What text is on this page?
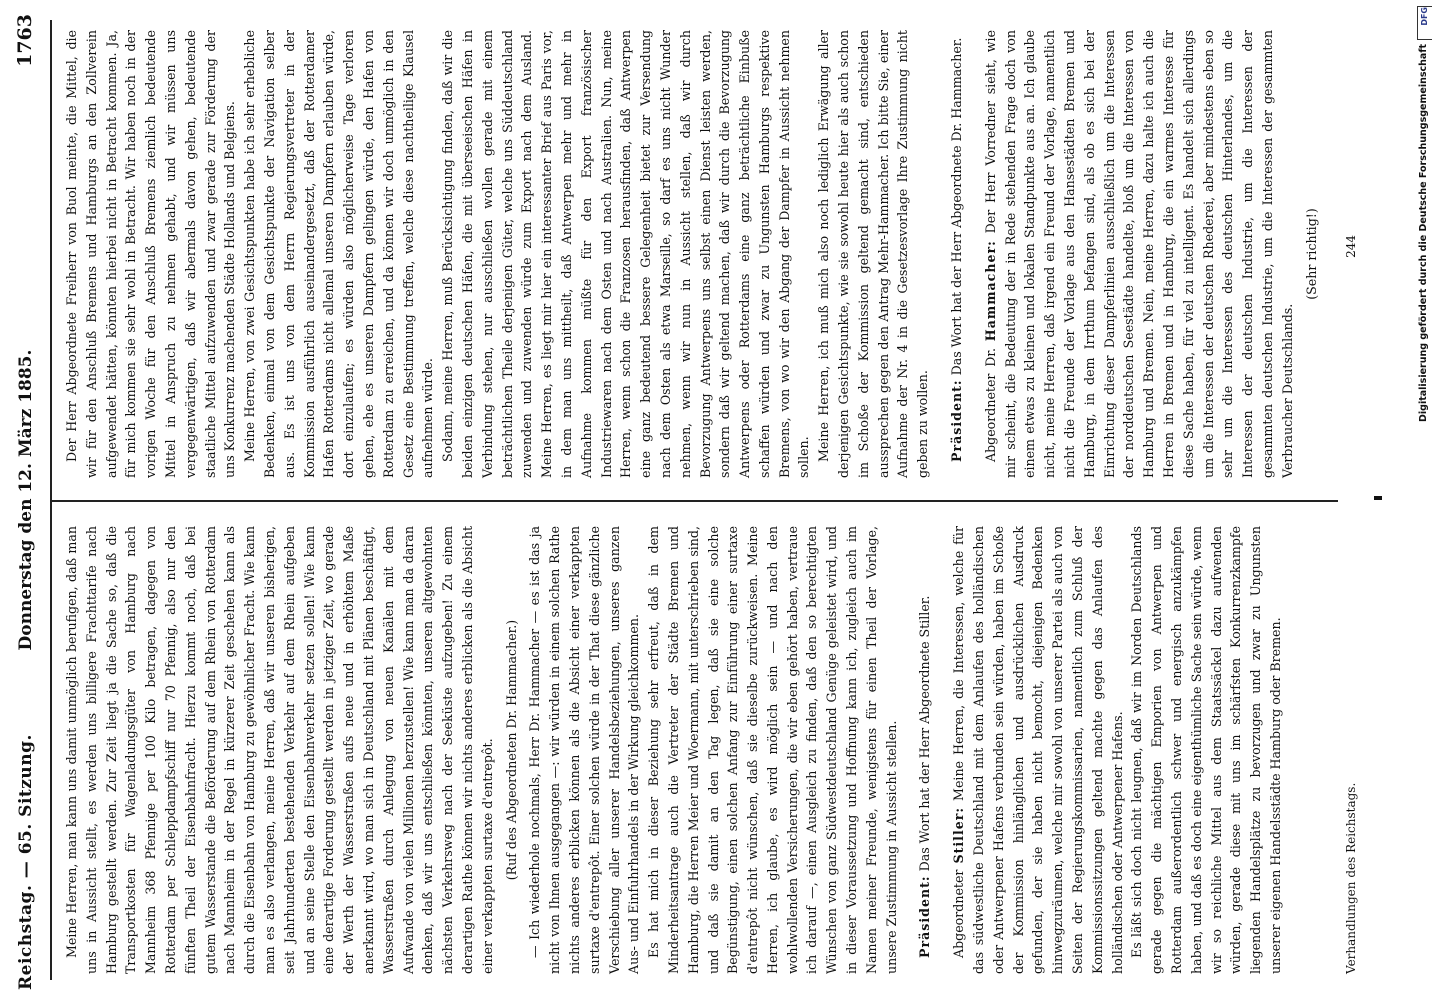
Reichstag. — 65. Sitzung.
Donnerstag den 12. März 1885.
1763

Meine Herren, man kann uns damit unmöglich berufigen, daß man uns in Aussicht stellt, es werden uns billigere Frachttarife nach Hamburg gestellt werden. Zur Zeit liegt ja die Sache so, daß die Transportkosten für Wagenladungsgüter von Hamburg nach Mannheim 368 Pfennige per 100 Kilo betragen, dagegen von Rotterdam per Schleppdampfschiff nur 70 Pfennig, also nur den fünften Theil der Eisenbahnfracht. Hierzu kommt noch, daß bei gutem Wasserstande die Beförderung auf dem Rhein von Rotterdam nach Mannheim in der Regel in kürzerer Zeit geschehen kann als durch die Eisenbahn von Hamburg zu gewöhnlicher Fracht. Wie kann man es also verlangen, meine Herren, daß wir unseren bisherigen, seit Jahrhunderten bestehenden Verkehr auf dem Rhein aufgeben und an seine Stelle den Eisenbahnverkehr setzen sollen! Wie kann eine derartige Forderung gestellt werden in jetziger Zeit, wo gerade der Werth der Wasserstraßen aufs neue und in erhöhtem Maße anerkannt wird, wo man sich in Deutschland mit Plänen beschäftigt, Wasserstraßen durch Anlegung von neuen Kanälen mit dem Aufwande von vielen Millionen herzustellen! Wie kann man da daran denken, daß wir uns entschließen könnten, unseren altgewohnten nächsten Verkehrsweg nach der Seeküste aufzugeben! Zu einem derartigen Rathe können wir nichts anderes erblicken als die Absicht einer verkappten surtaxe d'entrepôt. (Ruf des Abgeordneten Dr. Hammacher.) — Ich wiederhole nochmals, Herr Dr. Hammacher — es ist das ja nicht von Ihnen ausgegangen —: wir würden in einem solchen Rathe nichts anderes erblicken können als die Absicht einer verkappten surtaxe d'entrepôt. Einer solchen würde in der That diese gänzliche Verschiebung aller unserer Handelsbeziehungen, unseres ganzen Aus- und Einfuhrhandels in der Wirkung gleichkommen. Es hat mich in dieser Beziehung sehr erfreut, daß in dem Minderheitsantrage auch die Vertreter der Städte Bremen und Hamburg, die Herren Meier und Woermann, mit unterschrieben sind, und daß sie damit an den Tag legen, daß sie eine solche Begünstigung, einen solchen Anfang zur Einführung einer surtaxe d'entrepôt nicht wünschen, daß sie dieselbe zurückweisen. Meine Herren, ich glaube, es wird möglich sein — und nach den wohlwollenden Versicherungen, die wir eben gehört haben, vertraue ich darauf —, einen Ausgleich zu finden, daß den so berechtigten Wünschen von ganz Südwestdeutschland Genüge geleistet wird, und in dieser Voraussetzung und Hoffnung kann ich, zugleich auch im Namen meiner Freunde, wenigstens für einen Theil der Vorlage, unsere Zustimmung in Aussicht stellen. Präsident: Das Wort hat der Herr Abgeordnete Stiller.

Abgeordneter Stiller: Meine Herren, die Interessen, welche für das südwestliche Deutschland mit dem Anlaufen des holländischen oder Antwerpener Hafens verbunden sein würden, haben im Schoße der Kommission hinlänglichen und ausdrücklichen Ausdruck gefunden, der sie haben nicht bemocht, diejenigen Bedenken hinwegzuräumen, welche mir sowohl von unserer Partei als auch von Seiten der Regierungskommissarien, namentlich zum Schluß der Kommissionssitzungen geltend machte gegen das Anlaufen des holländischen oder Antwerpener Hafens. Es läßt sich doch nicht leugnen, daß wir im Norden Deutschlands gerade gegen die mächtigen Emporien von Antwerpen und Rotterdam außerordentlich schwer und energisch anzukämpfen haben, und daß es doch eine eigenthümliche Sache sein würde, wenn wir so reichliche Mittel aus dem Staatssäckel dazu aufwenden würden, gerade diese mit uns im schärfsten Konkurrenzkampfe liegenden Handelsplätze zu bevorzugen und zwar zu Ungunsten unserer eigenen Handelsstädte Hamburg oder Bremen.

Der Herr Abgeordnete Freiherr von Buol meinte, die Mittel, die wir für den Anschluß Bremens und Hamburgs an den Zollverein aufgewendet hätten, könnten hierbei nicht in Betracht kommen. Ja, für mich kommen sie sehr wohl in Betracht. Wir haben noch in der vorigen Woche für den Anschluß Bremens ziemlich bedeutende Mittel in Anspruch zu nehmen gehabt, und wir müssen uns vergegenwärtigen, daß wir abermals davon gehen, bedeutende staatliche Mittel aufzuwenden und zwar gerade zur Förderung der uns Konkurrenz machenden Städte Hollands und Belgiens. Meine Herren, von zwei Gesichtspunkten habe ich sehr erhebliche Bedenken, einmal von dem Gesichtspunkte der Navigation selber aus. Es ist uns von dem Herrn Regierungsvertreter in der Kommission ausführlich auseinandergesetzt, daß der Rotterdamer Hafen Rotterdams nicht allemal unseren Dampfern erlauben würde, dort einzulaufen; es würden also möglicherweise Tage verloren gehen, ehe es unseren Dampfern gelingen würde, den Hafen von Rotterdam zu erreichen, und da können wir doch unmöglich in den Gesetz eine Bestimmung treffen, welche diese nachtheilige Klausel aufnehmen würde. Sodann, meine Herren, muß Berücksichtigung finden, daß wir die beiden einzigen deutschen Häfen, die mit überseeischen Häfen in Verbindung stehen, nur ausschließen wollen gerade mit einem beträchtlichen Theile derjenigen Güter, welche uns Süddeutschland zuwenden und zuwenden würde zum Export nach dem Ausland. Meine Herren, es liegt mir hier ein interessanter Brief aus Paris vor, in dem man uns mittheilt, daß Antwerpen mehr und mehr in Aufnahme kommen müßte für den Export französischer Industriewaren nach dem Osten und nach Australien. Nun, meine Herren, wenn schon die Franzosen herausfinden, daß Antwerpen eine ganz bedeutend bessere Gelegenheit bietet zur Versendung nach dem Osten als etwa Marseille, so darf es uns nicht Wunder nehmen, wenn wir nun in Aussicht stellen, daß wir durch Bevorzugung Antwerpens uns selbst einen Dienst leisten werden, sondern daß wir geltend machen, daß wir durch die Bevorzugung Antwerpens oder Rotterdams eine ganz beträchtliche Einbuße schaffen würden und zwar zu Ungunsten Hamburgs respektive Bremens, von wo wir den Abgang der Dampfer in Aussicht nehmen sollen. Meine Herren, ich muß mich also noch lediglich Erwägung aller derjenigen Gesichtspunkte, wie sie sowohl heute hier als auch schon im Schoße der Kommission geltend gemacht sind, entschieden aussprechen gegen den Antrag Mehr-Hammacher. Ich bitte Sie, einer Aufnahme der Nr. 4 in die Gesetzesvorlage Ihre Zustimmung nicht geben zu wollen. Präsident: Das Wort hat der Herr Abgeordnete Dr. Hammacher.

Abgeordneter Dr. Hammacher: Der Herr Vorredner sieht, wie mir scheint, die Bedeutung der in Rede stehenden Frage doch von einem etwas zu kleinen und lokalen Standpunkte aus an. Ich glaube nicht, meine Herren, daß irgend ein Freund der Vorlage, namentlich nicht die Freunde der Vorlage aus den Hansestädten Bremen und Hamburg, in dem Irrthum befangen sind, als ob es sich bei der Einrichtung dieser Dampferlinien ausschließlich um die Interessen der norddeutschen Seestädte handelte, bloß um die Interessen von Hamburg und Bremen. Nein, meine Herren, dazu halte ich auch die Herren in Bremen und in Hamburg, die ein warmes Interesse für diese Sache haben, für viel zu intelligent. Es handelt sich allerdings um die Interessen der deutschen Rhederei, aber mindestens eben so sehr um die Interessen des deutschen Hinterlandes, um die Interessen der deutschen Industrie, um die Interessen der gesammten deutschen Industrie, um die Interessen der gesammten Verbraucher Deutschlands.

(Sehr richtig!)

Verhandlungen des Reichstags.
244
DFG
Digitalisierung gefördert durch die Deutsche Forschungsgemeinschaft
